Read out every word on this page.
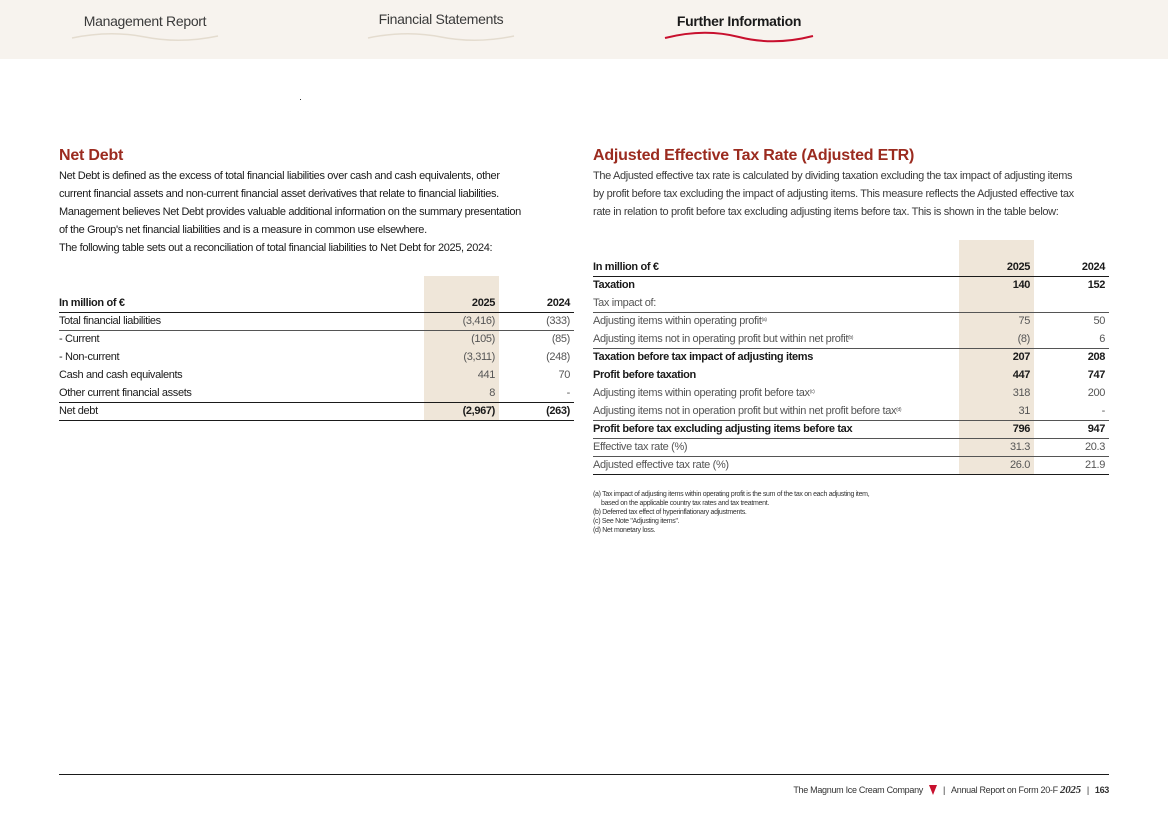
Management Report	Financial Statements	Further Information
Net Debt
Net Debt is defined as the excess of total financial liabilities over cash and cash equivalents, other
current financial assets and non-current financial asset derivatives that relate to financial liabilities.
Management believes Net Debt provides valuable additional information on the summary presentation
of the Group's net financial liabilities and is a measure in common use elsewhere.
The following table sets out a reconciliation of total financial liabilities to Net Debt for 2025, 2024:

In million of €	2025	2024
Total financial liabilities	(3,416)	(333)
- Current	(105)	(85)
- Non-current	(3,311)	(248)
Cash and cash equivalents	441	70
Other current financial assets	8	-
Net debt	(2,967)	(263)
Adjusted Effective Tax Rate (Adjusted ETR)
The Adjusted effective tax rate is calculated by dividing taxation excluding the tax impact of adjusting items
by profit before tax excluding the impact of adjusting items. This measure reflects the Adjusted effective tax
rate in relation to profit before tax excluding adjusting items before tax. This is shown in the table below:

In million of €	2025	2024
Taxation	140	152
Tax impact of:		
Adjusting items within operating profit$^{(a)}$	75	50
Adjusting items not in operating profit but within net profit$^{(b)}$	(8)	6
Taxation before tax impact of adjusting items	207	208
Profit before taxation	447	747
Adjusting items within operating profit before tax$^{(c)}$	318	200
Adjusting items not in operation profit but within net profit before tax$^{(d)}$	31	-
Profit before tax excluding adjusting items before tax	796	947
Effective tax rate (%)	31.3	20.3
Adjusted effective tax rate (%)	26.0	21.9
(a) Tax impact of adjusting items within operating profit is the sum of the tax on each adjusting item,
based on the applicable country tax rates and tax treatment.
(b) Deferred tax effect of hyperinflationary adjustments.
(c) See Note "Adjusting items".
(d) Net monetary loss.
The Magnum Ice Cream Company | Annual Report on Form 20-F 2025 | 163
